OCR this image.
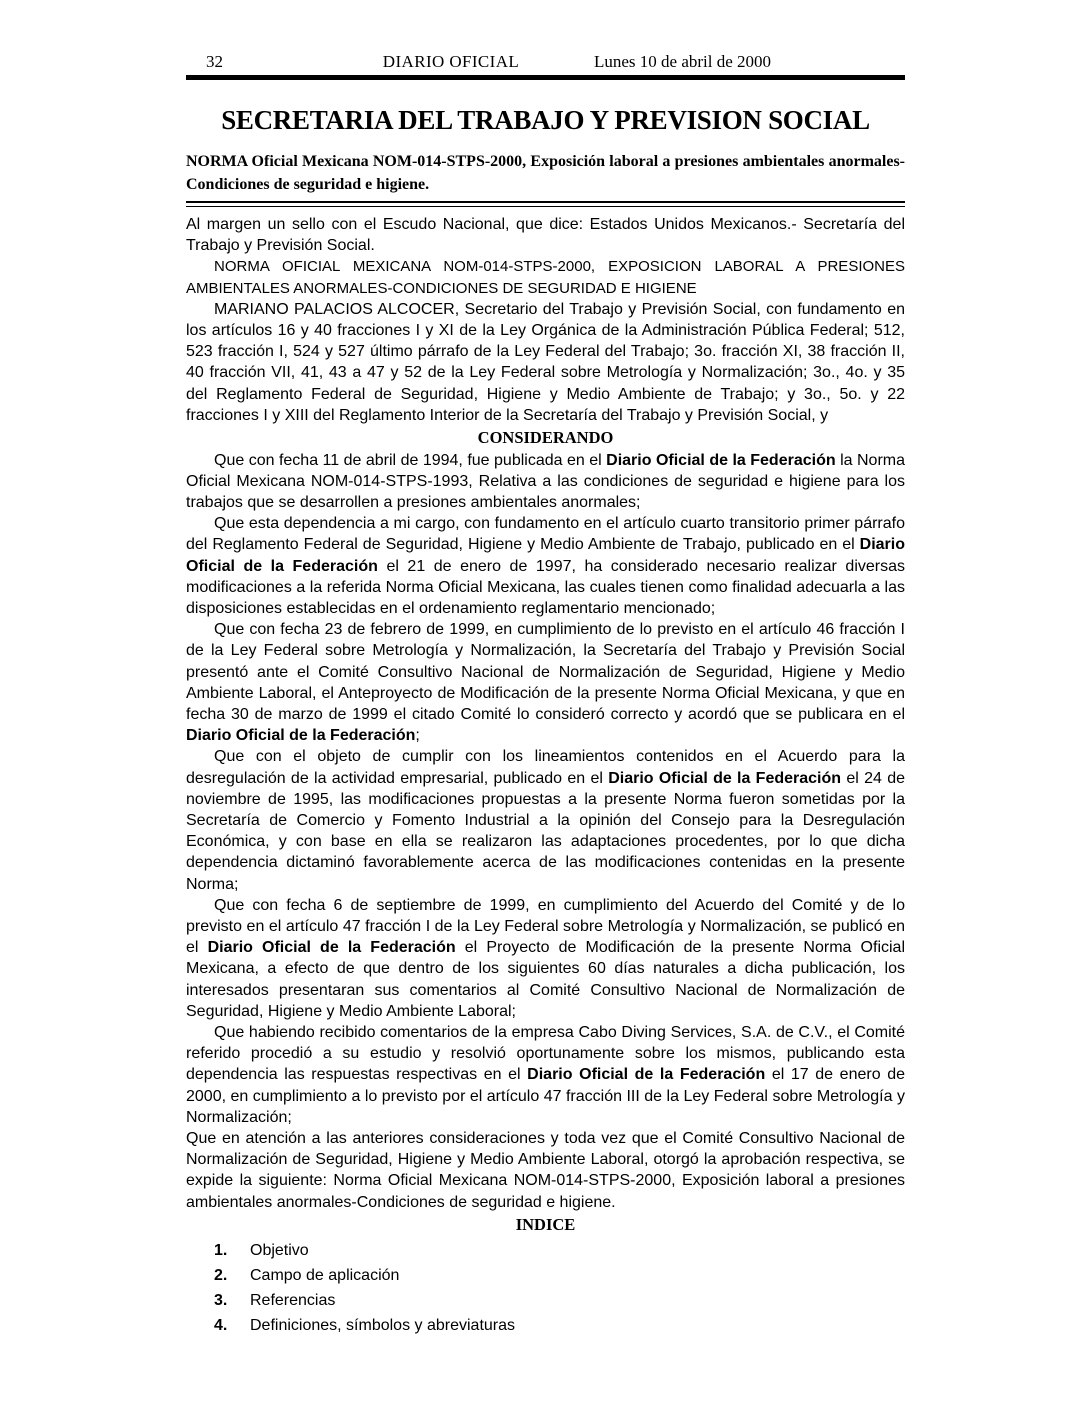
32	DIARIO OFICIAL	Lunes 10 de abril de 2000
SECRETARIA DEL TRABAJO Y PREVISION SOCIAL

NORMA Oficial Mexicana NOM-014-STPS-2000, Exposición laboral a presiones ambientales anormales-Condiciones de seguridad e higiene.

Al margen un sello con el Escudo Nacional, que dice: Estados Unidos Mexicanos.- Secretaría del Trabajo y Previsión Social.

NORMA OFICIAL MEXICANA NOM-014-STPS-2000, EXPOSICION LABORAL A PRESIONES AMBIENTALES ANORMALES-CONDICIONES DE SEGURIDAD E HIGIENE

MARIANO PALACIOS ALCOCER, Secretario del Trabajo y Previsión Social, con fundamento en los artículos 16 y 40 fracciones I y XI de la Ley Orgánica de la Administración Pública Federal; 512, 523 fracción I, 524 y 527 último párrafo de la Ley Federal del Trabajo; 3o. fracción XI, 38 fracción II, 40 fracción VII, 41, 43 a 47 y 52 de la Ley Federal sobre Metrología y Normalización; 3o., 4o. y 35 del Reglamento Federal de Seguridad, Higiene y Medio Ambiente de Trabajo; y 3o., 5o. y 22 fracciones I y XIII del Reglamento Interior de la Secretaría del Trabajo y Previsión Social, y

CONSIDERANDO

Que con fecha 11 de abril de 1994, fue publicada en el Diario Oficial de la Federación la Norma Oficial Mexicana NOM-014-STPS-1993, Relativa a las condiciones de seguridad e higiene para los trabajos que se desarrollen a presiones ambientales anormales;

Que esta dependencia a mi cargo, con fundamento en el artículo cuarto transitorio primer párrafo del Reglamento Federal de Seguridad, Higiene y Medio Ambiente de Trabajo, publicado en el Diario Oficial de la Federación el 21 de enero de 1997, ha considerado necesario realizar diversas modificaciones a la referida Norma Oficial Mexicana, las cuales tienen como finalidad adecuarla a las disposiciones establecidas en el ordenamiento reglamentario mencionado;

Que con fecha 23 de febrero de 1999, en cumplimiento de lo previsto en el artículo 46 fracción I de la Ley Federal sobre Metrología y Normalización, la Secretaría del Trabajo y Previsión Social presentó ante el Comité Consultivo Nacional de Normalización de Seguridad, Higiene y Medio Ambiente Laboral, el Anteproyecto de Modificación de la presente Norma Oficial Mexicana, y que en fecha 30 de marzo de 1999 el citado Comité lo consideró correcto y acordó que se publicara en el Diario Oficial de la Federación;

Que con el objeto de cumplir con los lineamientos contenidos en el Acuerdo para la desregulación de la actividad empresarial, publicado en el Diario Oficial de la Federación el 24 de noviembre de 1995, las modificaciones propuestas a la presente Norma fueron sometidas por la Secretaría de Comercio y Fomento Industrial a la opinión del Consejo para la Desregulación Económica, y con base en ella se realizaron las adaptaciones procedentes, por lo que dicha dependencia dictaminó favorablemente acerca de las modificaciones contenidas en la presente Norma;

Que con fecha 6 de septiembre de 1999, en cumplimiento del Acuerdo del Comité y de lo previsto en el artículo 47 fracción I de la Ley Federal sobre Metrología y Normalización, se publicó en el Diario Oficial de la Federación el Proyecto de Modificación de la presente Norma Oficial Mexicana, a efecto de que dentro de los siguientes 60 días naturales a dicha publicación, los interesados presentaran sus comentarios al Comité Consultivo Nacional de Normalización de Seguridad, Higiene y Medio Ambiente Laboral;

Que habiendo recibido comentarios de la empresa Cabo Diving Services, S.A. de C.V., el Comité referido procedió a su estudio y resolvió oportunamente sobre los mismos, publicando esta dependencia las respuestas respectivas en el Diario Oficial de la Federación el 17 de enero de 2000, en cumplimiento a lo previsto por el artículo 47 fracción III de la Ley Federal sobre Metrología y Normalización;

Que en atención a las anteriores consideraciones y toda vez que el Comité Consultivo Nacional de Normalización de Seguridad, Higiene y Medio Ambiente Laboral, otorgó la aprobación respectiva, se expide la siguiente: Norma Oficial Mexicana NOM-014-STPS-2000, Exposición laboral a presiones ambientales anormales-Condiciones de seguridad e higiene.

INDICE
1.	Objetivo
2.	Campo de aplicación
3.	Referencias
4.	Definiciones, símbolos y abreviaturas
